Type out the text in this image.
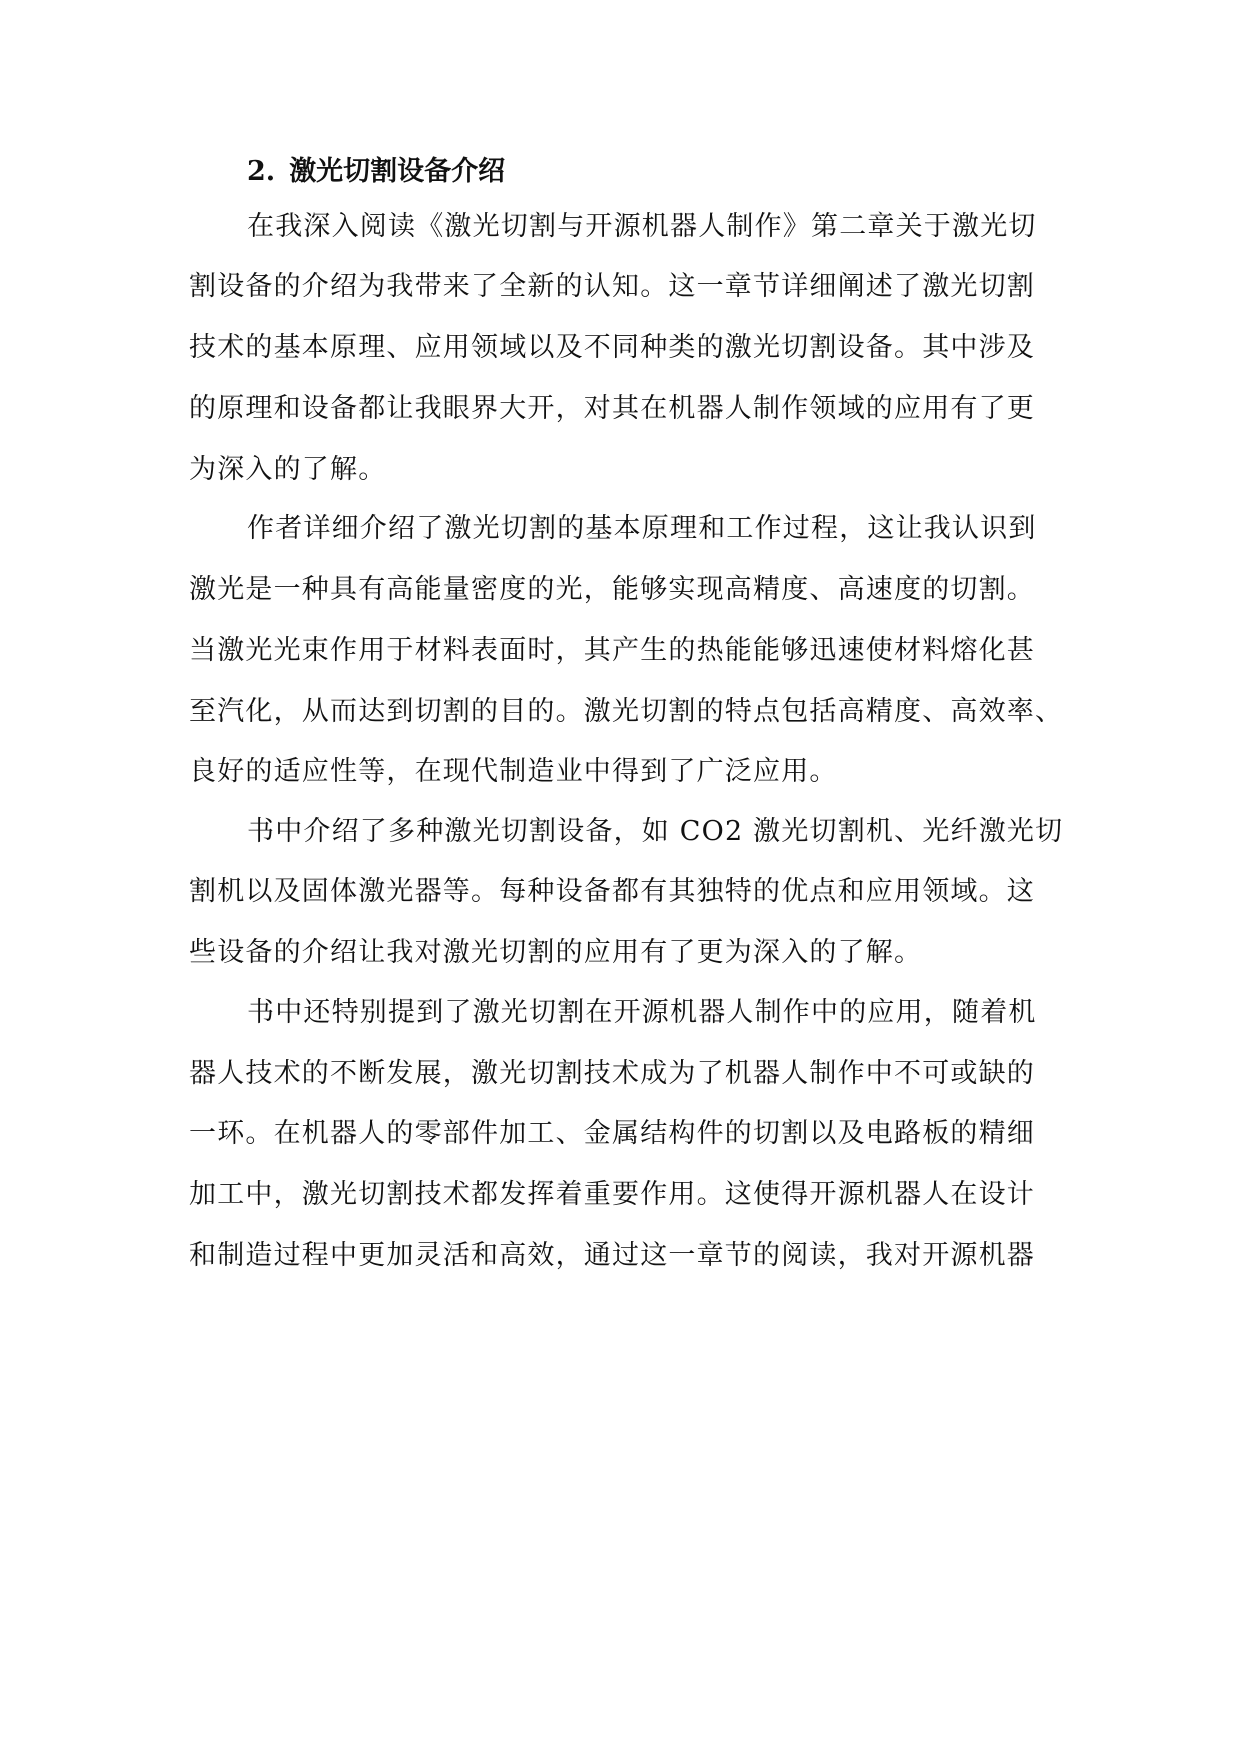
2. 激光切割设备介绍
在我深入阅读《激光切割与开源机器人制作》第二章关于激光切
割设备的介绍为我带来了全新的认知。这一章节详细阐述了激光切割
技术的基本原理、应用领域以及不同种类的激光切割设备。其中涉及
的原理和设备都让我眼界大开，对其在机器人制作领域的应用有了更
为深入的了解。
作者详细介绍了激光切割的基本原理和工作过程，这让我认识到
激光是一种具有高能量密度的光，能够实现高精度、高速度的切割。
当激光光束作用于材料表面时，其产生的热能能够迅速使材料熔化甚
至汽化，从而达到切割的目的。激光切割的特点包括高精度、高效率、
良好的适应性等，在现代制造业中得到了广泛应用。
书中介绍了多种激光切割设备，如 CO2 激光切割机、光纤激光切
割机以及固体激光器等。每种设备都有其独特的优点和应用领域。这
些设备的介绍让我对激光切割的应用有了更为深入的了解。
书中还特别提到了激光切割在开源机器人制作中的应用，随着机
器人技术的不断发展，激光切割技术成为了机器人制作中不可或缺的
一环。在机器人的零部件加工、金属结构件的切割以及电路板的精细
加工中，激光切割技术都发挥着重要作用。这使得开源机器人在设计
和制造过程中更加灵活和高效，通过这一章节的阅读，我对开源机器
